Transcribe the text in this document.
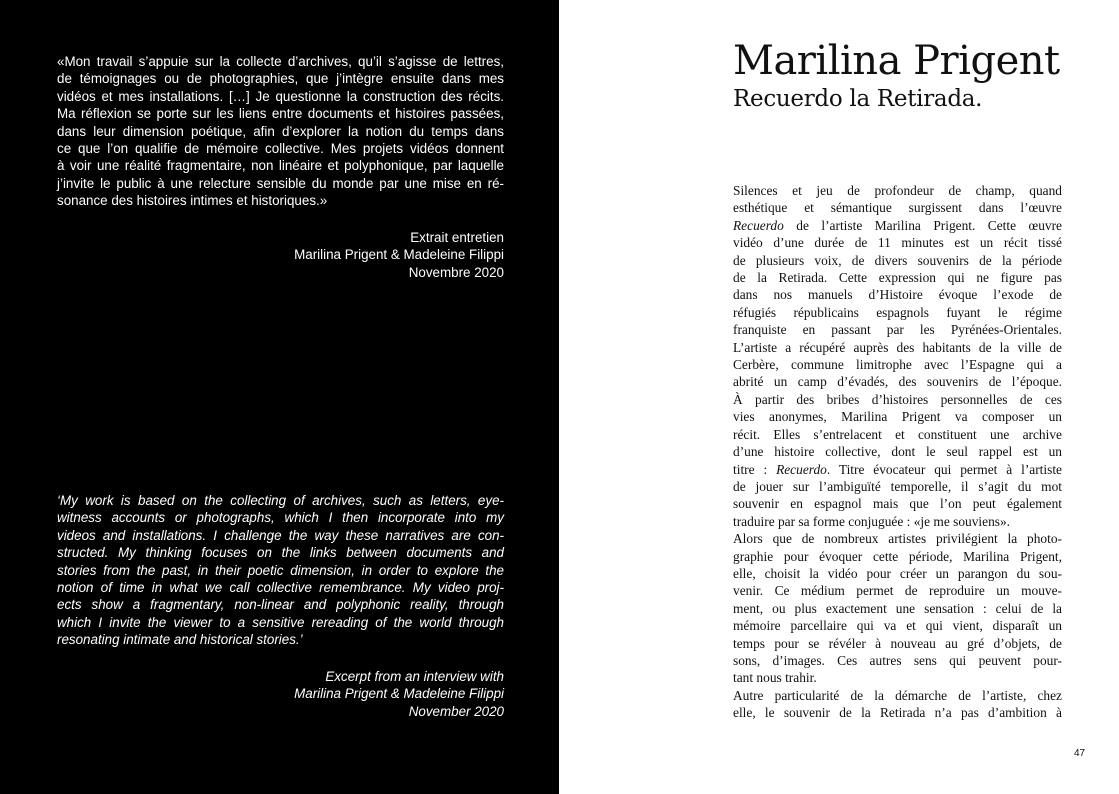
«Mon travail s’appuie sur la collecte d’archives, qu’il s’agisse de lettres,
de témoignages ou de photographies, que j’intègre ensuite dans mes
vidéos et mes installations. […] Je questionne la construction des récits.
Ma réflexion se porte sur les liens entre documents et histoires passées,
dans leur dimension poétique, afin d’explorer la notion du temps dans
ce que l’on qualifie de mémoire collective. Mes projets vidéos donnent
à voir une réalité fragmentaire, non linéaire et polyphonique, par laquelle
j’invite le public à une relecture sensible du monde par une mise en ré-
sonance des histoires intimes et historiques.»
Extrait entretien
Marilina Prigent & Madeleine Filippi
Novembre 2020
‘My work is based on the collecting of archives, such as letters, eye-
witness accounts or photographs, which I then incorporate into my
videos and installations. I challenge the way these narratives are con-
structed. My thinking focuses on the links between documents and
stories from the past, in their poetic dimension, in order to explore the
notion of time in what we call collective remembrance. My video proj-
ects show a fragmentary, non-linear and polyphonic reality, through
which I invite the viewer to a sensitive rereading of the world through
resonating intimate and historical stories.’
Excerpt from an interview with
Marilina Prigent & Madeleine Filippi
November 2020
Marilina Prigent
Recuerdo la Retirada.
Silences et jeu de profondeur de champ, quand
esthétique et sémantique surgissent dans l’œuvre
Recuerdo de l’artiste Marilina Prigent. Cette œuvre
vidéo d’une durée de 11 minutes est un récit tissé
de plusieurs voix, de divers souvenirs de la période
de la Retirada. Cette expression qui ne figure pas
dans nos manuels d’Histoire évoque l’exode de
réfugiés républicains espagnols fuyant le régime
franquiste en passant par les Pyrénées-Orientales.
L’artiste a récupéré auprès des habitants de la ville de
Cerbère, commune limitrophe avec l’Espagne qui a
abrité un camp d’évadés, des souvenirs de l’époque.
À partir des bribes d’histoires personnelles de ces
vies anonymes, Marilina Prigent va composer un
récit. Elles s’entrelacent et constituent une archive
d’une histoire collective, dont le seul rappel est un
titre : Recuerdo. Titre évocateur qui permet à l’artiste
de jouer sur l’ambiguïté temporelle, il s’agit du mot
souvenir en espagnol mais que l’on peut également
traduire par sa forme conjuguée : «je me souviens».
Alors que de nombreux artistes privilégient la photo-
graphie pour évoquer cette période, Marilina Prigent,
elle, choisit la vidéo pour créer un parangon du sou-
venir. Ce médium permet de reproduire un mouve-
ment, ou plus exactement une sensation : celui de la
mémoire parcellaire qui va et qui vient, disparaît un
temps pour se révéler à nouveau au gré d’objets, de
sons, d’images. Ces autres sens qui peuvent pour-
tant nous trahir.
Autre particularité de la démarche de l’artiste, chez
elle, le souvenir de la Retirada n’a pas d’ambition à
47
